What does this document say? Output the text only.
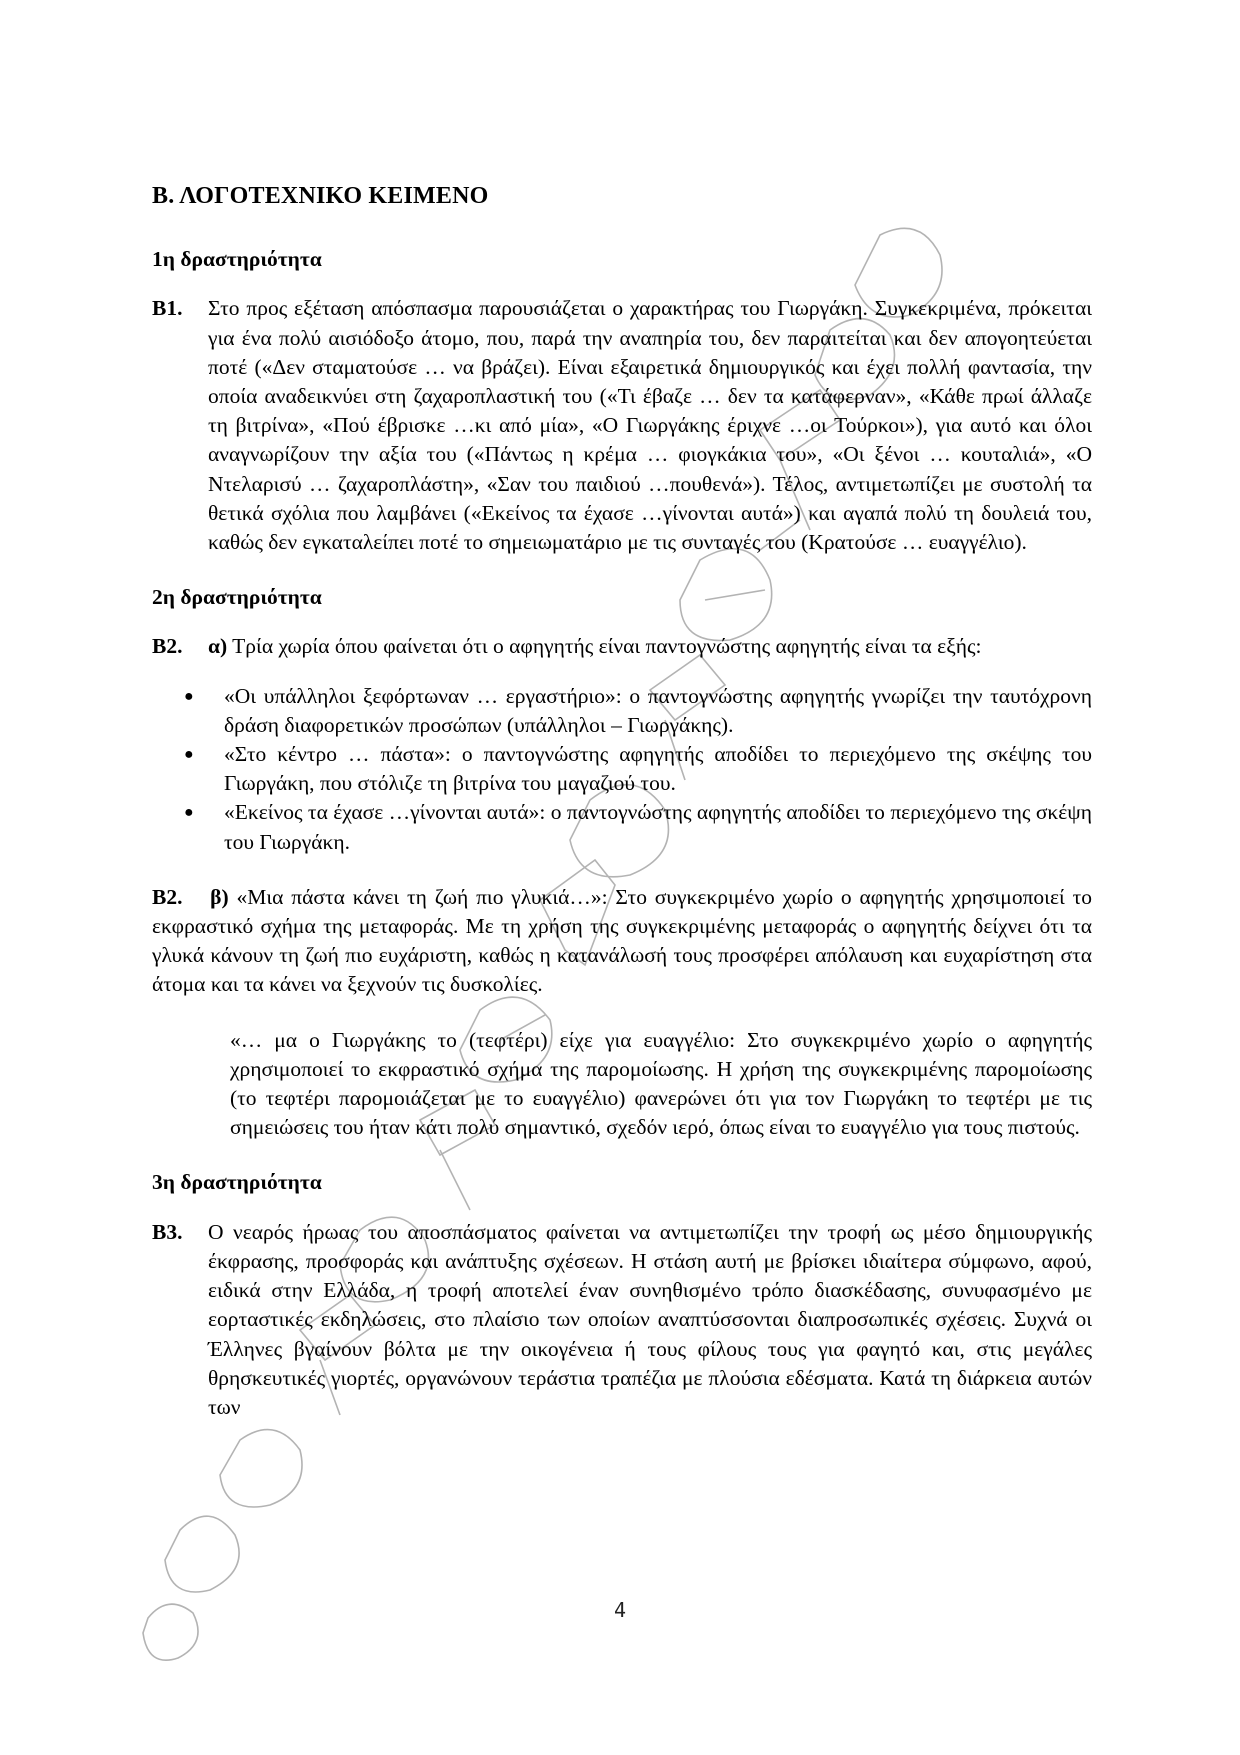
Β. ΛΟΓΟΤΕΧΝΙΚΟ ΚΕΙΜΕΝΟ
1η δραστηριότητα
Β1. Στο προς εξέταση απόσπασμα παρουσιάζεται ο χαρακτήρας του Γιωργάκη. Συγκεκριμένα, πρόκειται για ένα πολύ αισιόδοξο άτομο, που, παρά την αναπηρία του, δεν παραιτείται και δεν απογοητεύεται ποτέ («Δεν σταματούσε … να βράζει). Είναι εξαιρετικά δημιουργικός και έχει πολλή φαντασία, την οποία αναδεικνύει στη ζαχαροπλαστική του («Τι έβαζε … δεν τα κατάφερναν», «Κάθε πρωί άλλαζε τη βιτρίνα», «Πού έβρισκε …κι από μία», «Ο Γιωργάκης έριχνε …οι Τούρκοι»), για αυτό και όλοι αναγνωρίζουν την αξία του («Πάντως η κρέμα … φιογκάκια του», «Οι ξένοι … κουταλιά», «Ο Ντελαρισύ … ζαχαροπλάστη», «Σαν του παιδιού …πουθενά»). Τέλος, αντιμετωπίζει με συστολή τα θετικά σχόλια που λαμβάνει («Εκείνος τα έχασε …γίνονται αυτά») και αγαπά πολύ τη δουλειά του, καθώς δεν εγκαταλείπει ποτέ το σημειωματάριο με τις συνταγές του (Κρατούσε … ευαγγέλιο).
2η δραστηριότητα
Β2. α) Τρία χωρία όπου φαίνεται ότι ο αφηγητής είναι παντογνώστης αφηγητής είναι τα εξής:
● «Οι υπάλληλοι ξεφόρτωναν … εργαστήριο»: ο παντογνώστης αφηγητής γνωρίζει την ταυτόχρονη δράση διαφορετικών προσώπων (υπάλληλοι – Γιωργάκης).
● «Στο κέντρο … πάστα»: ο παντογνώστης αφηγητής αποδίδει το περιεχόμενο της σκέψης του Γιωργάκη, που στόλιζε τη βιτρίνα του μαγαζιού του.
● «Εκείνος τα έχασε …γίνονται αυτά»: ο παντογνώστης αφηγητής αποδίδει το περιεχόμενο της σκέψη του Γιωργάκη.
Β2. β) «Μια πάστα κάνει τη ζωή πιο γλυκιά…»: Στο συγκεκριμένο χωρίο ο αφηγητής χρησιμοποιεί το εκφραστικό σχήμα της μεταφοράς. Με τη χρήση της συγκεκριμένης μεταφοράς ο αφηγητής δείχνει ότι τα γλυκά κάνουν τη ζωή πιο ευχάριστη, καθώς η κατανάλωσή τους προσφέρει απόλαυση και ευχαρίστηση στα άτομα και τα κάνει να ξεχνούν τις δυσκολίες.
«… μα ο Γιωργάκης το (τεφτέρι) είχε για ευαγγέλιο: Στο συγκεκριμένο χωρίο ο αφηγητής χρησιμοποιεί το εκφραστικό σχήμα της παρομοίωσης. Η χρήση της συγκεκριμένης παρομοίωσης (το τεφτέρι παρομοιάζεται με το ευαγγέλιο) φανερώνει ότι για τον Γιωργάκη το τεφτέρι με τις σημειώσεις του ήταν κάτι πολύ σημαντικό, σχεδόν ιερό, όπως είναι το ευαγγέλιο για τους πιστούς.
3η δραστηριότητα
Β3. Ο νεαρός ήρωας του αποσπάσματος φαίνεται να αντιμετωπίζει την τροφή ως μέσο δημιουργικής έκφρασης, προσφοράς και ανάπτυξης σχέσεων. Η στάση αυτή με βρίσκει ιδιαίτερα σύμφωνο, αφού, ειδικά στην Ελλάδα, η τροφή αποτελεί έναν συνηθισμένο τρόπο διασκέδασης, συνυφασμένο με εορταστικές εκδηλώσεις, στο πλαίσιο των οποίων αναπτύσσονται διαπροσωπικές σχέσεις. Συχνά οι Έλληνες βγαίνουν βόλτα με την οικογένεια ή τους φίλους τους για φαγητό και, στις μεγάλες θρησκευτικές γιορτές, οργανώνουν τεράστια τραπέζια με πλούσια εδέσματα. Κατά τη διάρκεια αυτών των
4
